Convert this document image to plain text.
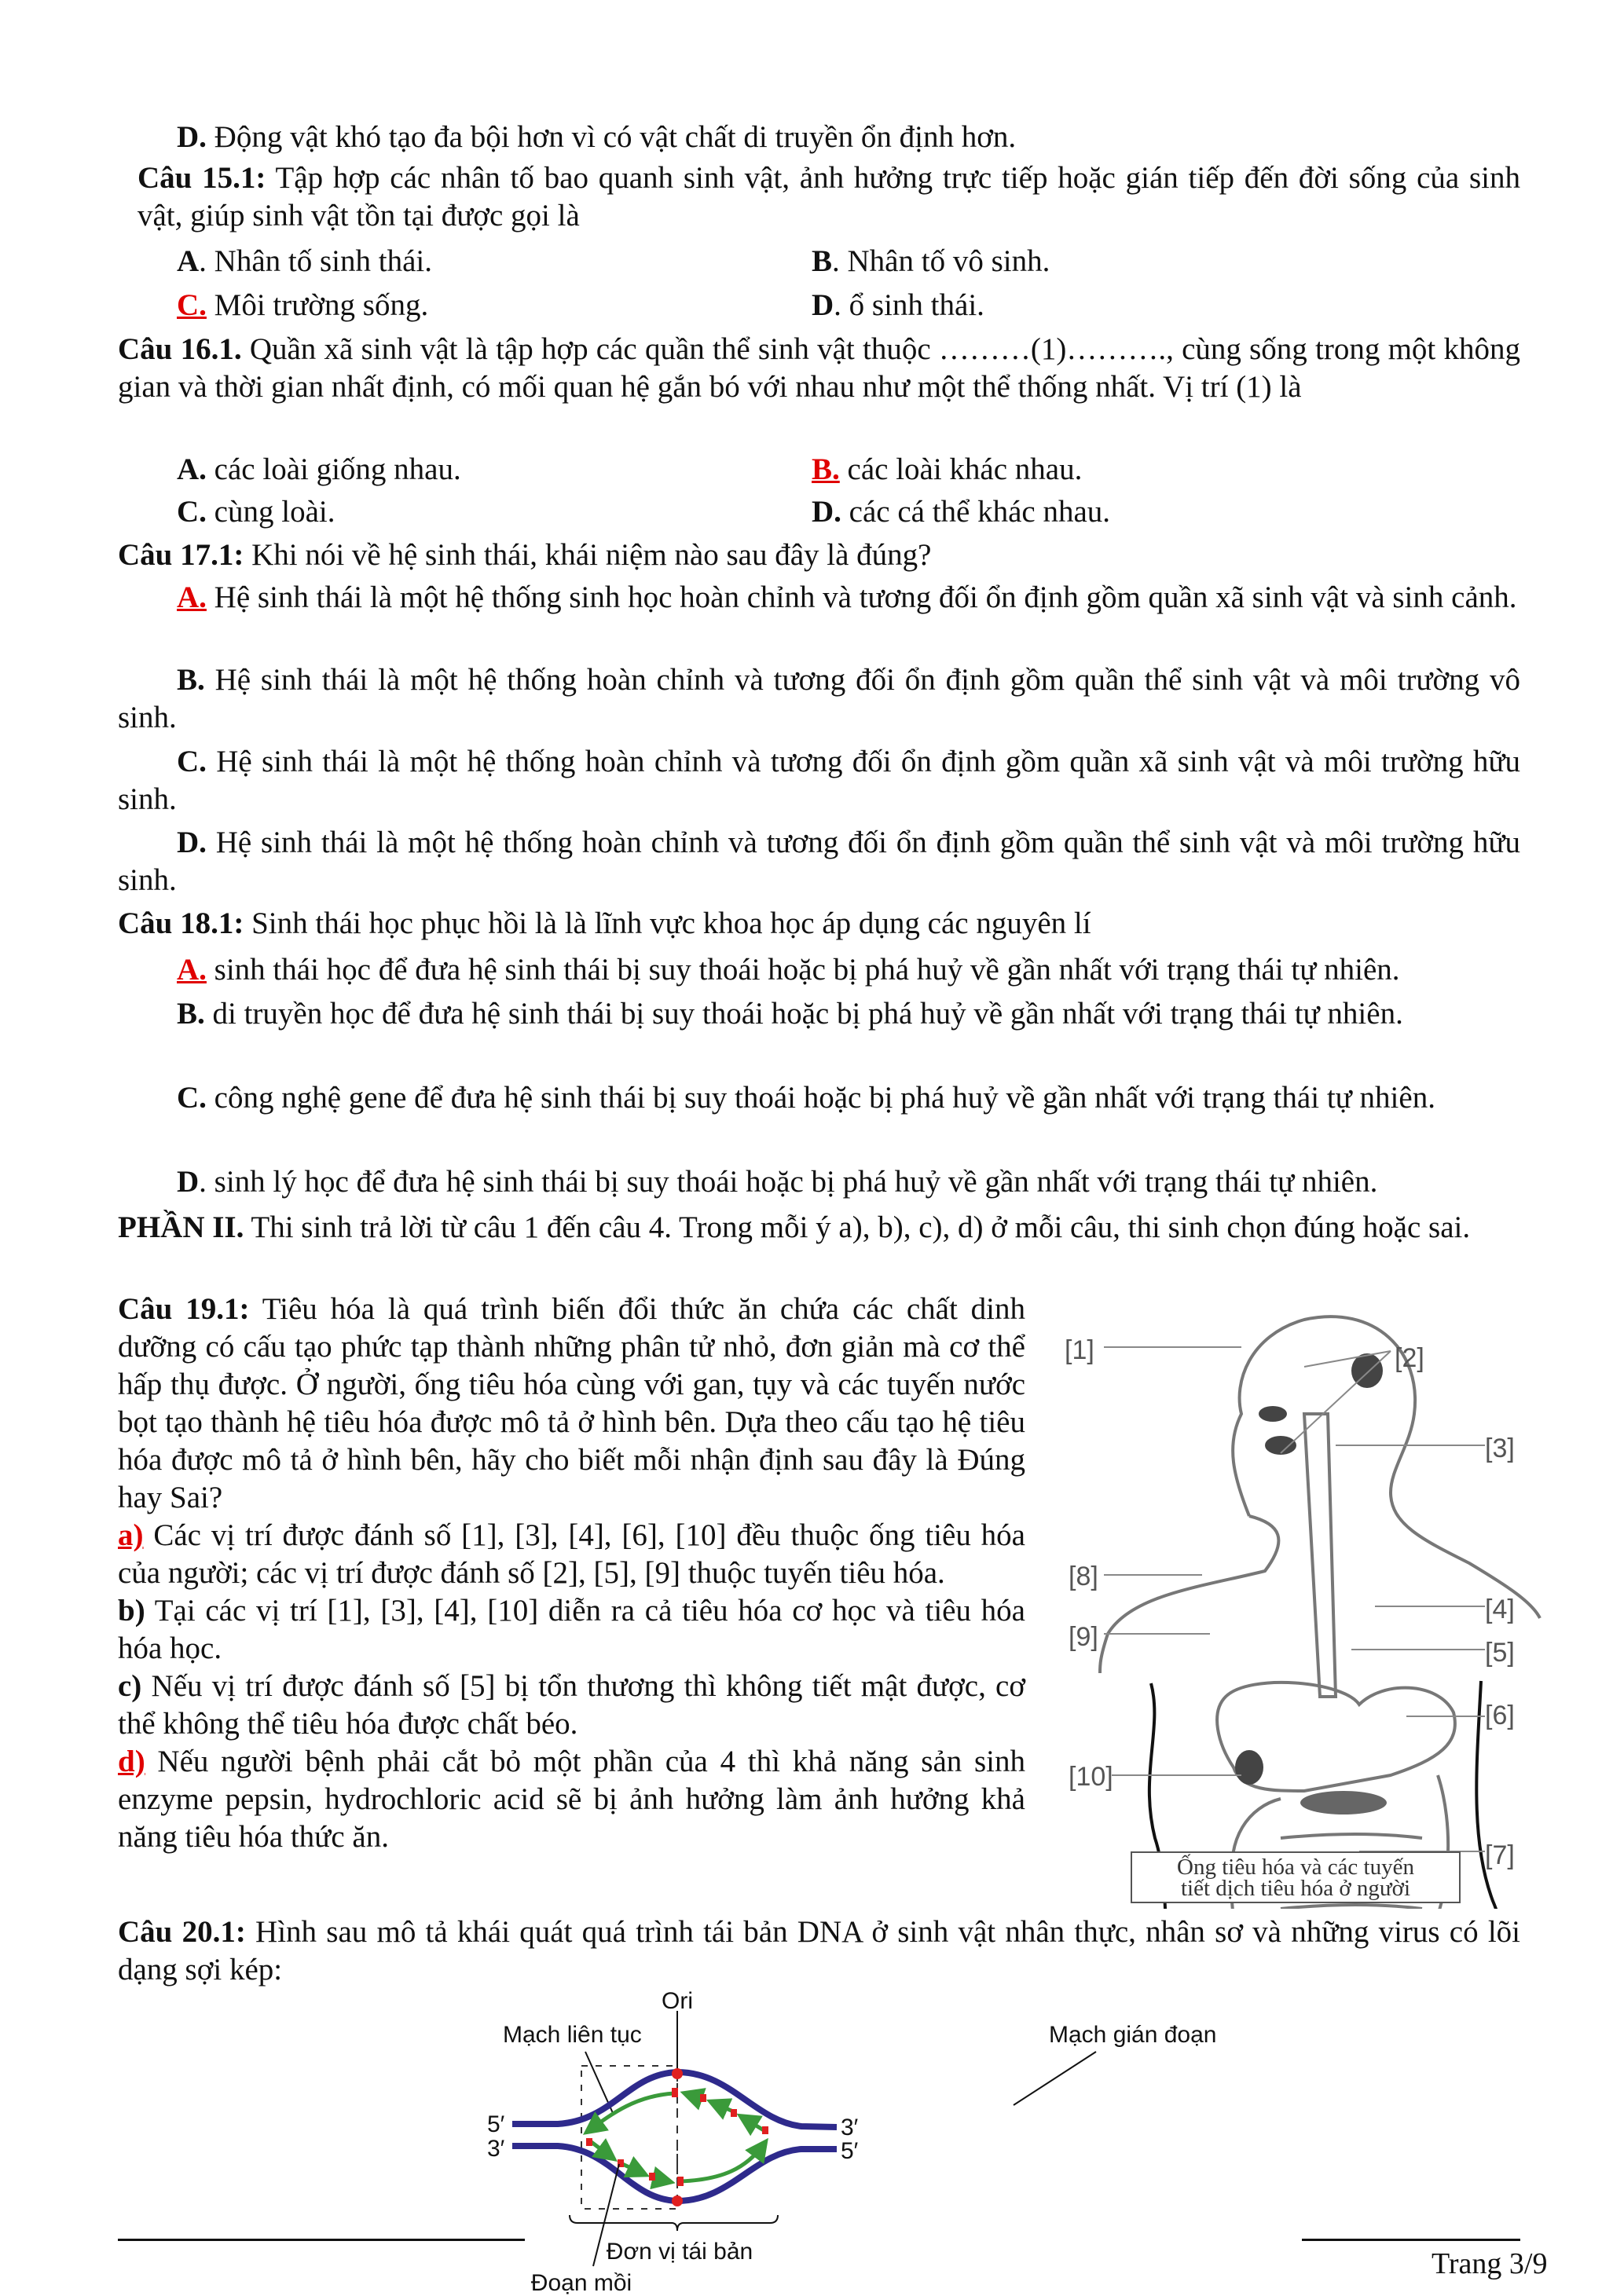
D. Động vật khó tạo đa bội hơn vì có vật chất di truyền ổn định hơn.
Câu 15.1: Tập hợp các nhân tố bao quanh sinh vật, ảnh hưởng trực tiếp hoặc gián tiếp đến đời sống của sinh vật, giúp sinh vật tồn tại được gọi là
A. Nhân tố sinh thái.	B. Nhân tố vô sinh.
C. Môi trường sống.	D. ổ sinh thái.
Câu 16.1. Quần xã sinh vật là tập hợp các quần thể sinh vật thuộc ………(1)………., cùng sống trong một không gian và thời gian nhất định, có mối quan hệ gắn bó với nhau như một thể thống nhất. Vị trí (1) là
A. các loài giống nhau.	B. các loài khác nhau.
C. cùng loài.	D. các cá thể khác nhau.
Câu 17.1: Khi nói về hệ sinh thái, khái niệm nào sau đây là đúng?
A. Hệ sinh thái là một hệ thống sinh học hoàn chỉnh và tương đối ổn định gồm quần xã sinh vật và sinh cảnh.
B. Hệ sinh thái là một hệ thống hoàn chỉnh và tương đối ổn định gồm quần thể sinh vật và môi trường vô sinh.
C. Hệ sinh thái là một hệ thống hoàn chỉnh và tương đối ổn định gồm quần xã sinh vật và môi trường hữu sinh.
D. Hệ sinh thái là một hệ thống hoàn chỉnh và tương đối ổn định gồm quần thể sinh vật và môi trường hữu sinh.
Câu 18.1: Sinh thái học phục hồi là là lĩnh vực khoa học áp dụng các nguyên lí
A. sinh thái học để đưa hệ sinh thái bị suy thoái hoặc bị phá huỷ về gần nhất với trạng thái tự nhiên.
B. di truyền học để đưa hệ sinh thái bị suy thoái hoặc bị phá huỷ về gần nhất với trạng thái tự nhiên.
C. công nghệ gene để đưa hệ sinh thái bị suy thoái hoặc bị phá huỷ về gần nhất với trạng thái tự nhiên.
D. sinh lý học để đưa hệ sinh thái bị suy thoái hoặc bị phá huỷ về gần nhất với trạng thái tự nhiên.
PHẦN II. Thi sinh trả lời từ câu 1 đến câu 4. Trong mỗi ý a), b), c), d) ở mỗi câu, thi sinh chọn đúng hoặc sai.
Câu 19.1: Tiêu hóa là quá trình biến đổi thức ăn chứa các chất dinh dưỡng có cấu tạo phức tạp thành những phân tử nhỏ, đơn giản mà cơ thể hấp thụ được. Ở người, ống tiêu hóa cùng với gan, tụy và các tuyến nước bọt tạo thành hệ tiêu hóa được mô tả ở hình bên. Dựa theo cấu tạo hệ tiêu hóa được mô tả ở hình bên, hãy cho biết mỗi nhận định sau đây là Đúng hay Sai?
a) Các vị trí được đánh số [1], [3], [4], [6], [10] đều thuộc ống tiêu hóa của người; các vị trí được đánh số [2], [5], [9] thuộc tuyến tiêu hóa.
b) Tại các vị trí [1], [3], [4], [10] diễn ra cả tiêu hóa cơ học và tiêu hóa hóa học.
c) Nếu vị trí được đánh số [5] bị tổn thương thì không tiết mật được, cơ thể không thể tiêu hóa được chất béo.
d) Nếu người bệnh phải cắt bỏ một phần của 4 thì khả năng sản sinh enzyme pepsin, hydrochloric acid sẽ bị ảnh hưởng làm ảnh hưởng khả năng tiêu hóa thức ăn.
[1]	[2]
[3]
[4]
[5]
[6]
[7]
[8]
[9]
[10]
Ống tiêu hóa và các tuyến
tiết dịch tiêu hóa ở người
Câu 20.1: Hình sau mô tả khái quát quá trình tái bản DNA ở sinh vật nhân thực, nhân sơ và những virus có lõi dạng sợi kép:
Ori
Mạch liên tục	Mạch gián đoạn
5′
3′
3′
5′
Đơn vị tái bản
Đoạn mồi
Trang 3/9
